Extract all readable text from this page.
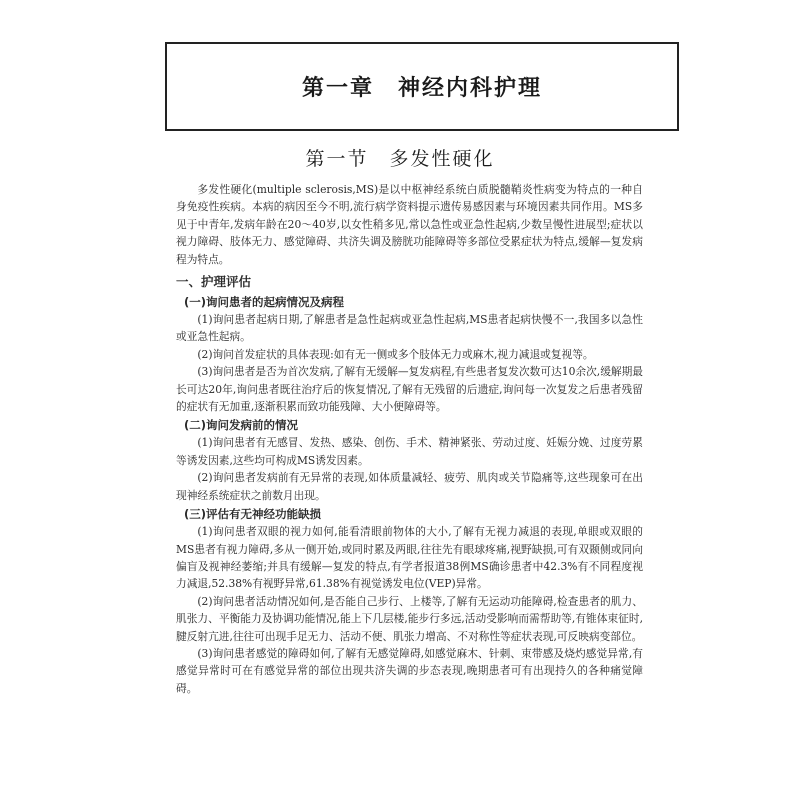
第一章　神经内科护理
第一节　多发性硬化

多发性硬化(multiple sclerosis,MS)是以中枢神经系统白质脱髓鞘炎性病变为特点的一种自身免疫性疾病。本病的病因至今不明,流行病学资料提示遗传易感因素与环境因素共同作用。MS多见于中青年,发病年龄在20～40岁,以女性稍多见,常以急性或亚急性起病,少数呈慢性进展型;症状以视力障碍、肢体无力、感觉障碍、共济失调及膀胱功能障碍等多部位受累症状为特点,缓解—复发病程为特点。

一、护理评估
(一)询问患者的起病情况及病程

(1)询问患者起病日期,了解患者是急性起病或亚急性起病,MS患者起病快慢不一,我国多以急性或亚急性起病。

(2)询问首发症状的具体表现:如有无一侧或多个肢体无力或麻木,视力减退或复视等。

(3)询问患者是否为首次发病,了解有无缓解—复发病程,有些患者复发次数可达10余次,缓解期最长可达20年,询问患者既往治疗后的恢复情况,了解有无残留的后遗症,询问每一次复发之后患者残留的症状有无加重,逐渐积累而致功能残障、大小便障碍等。

(二)询问发病前的情况

(1)询问患者有无感冒、发热、感染、创伤、手术、精神紧张、劳动过度、妊娠分娩、过度劳累等诱发因素,这些均可构成MS诱发因素。

(2)询问患者发病前有无异常的表现,如体质量减轻、疲劳、肌肉或关节隐痛等,这些现象可在出现神经系统症状之前数月出现。

(三)评估有无神经功能缺损

(1)询问患者双眼的视力如何,能看清眼前物体的大小,了解有无视力减退的表现,单眼或双眼的MS患者有视力障碍,多从一侧开始,或同时累及两眼,往往先有眼球疼痛,视野缺损,可有双颞侧或同向偏盲及视神经萎缩;并具有缓解—复发的特点,有学者报道38例MS确诊患者中42.3%有不同程度视力减退,52.38%有视野异常,61.38%有视觉诱发电位(VEP)异常。

(2)询问患者活动情况如何,是否能自己步行、上楼等,了解有无运动功能障碍,检查患者的肌力、肌张力、平衡能力及协调功能情况,能上下几层楼,能步行多远,活动受影响而需帮助等,有锥体束征时,腱反射亢进,往往可出现手足无力、活动不便、肌张力增高、不对称性等症状表现,可反映病变部位。

(3)询问患者感觉的障碍如何,了解有无感觉障碍,如感觉麻木、针刺、束带感及烧灼感觉异常,有感觉异常时可在有感觉异常的部位出现共济失调的步态表现,晚期患者可有出现持久的各种痛觉障碍。
